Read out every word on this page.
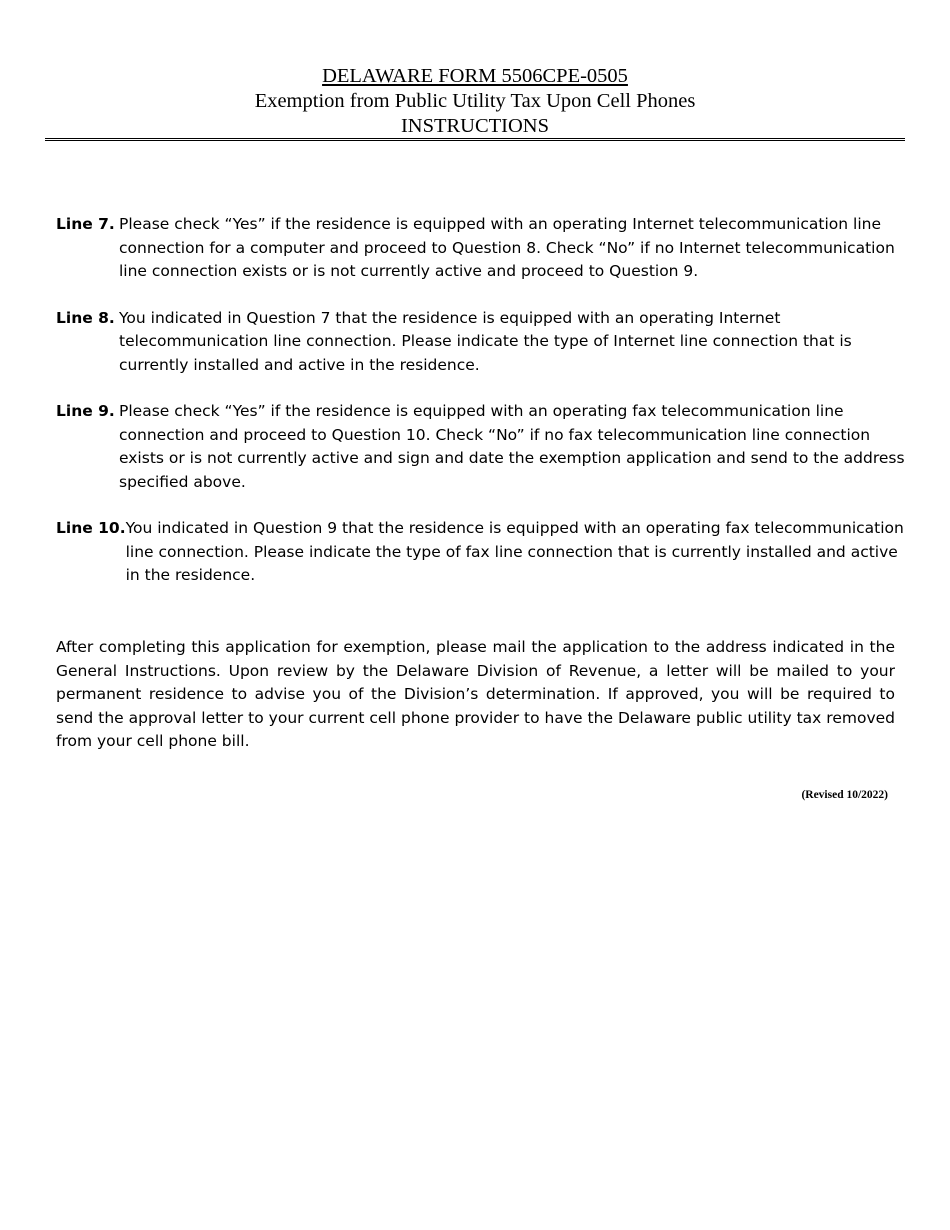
DELAWARE FORM 5506CPE-0505
Exemption from Public Utility Tax Upon Cell Phones
INSTRUCTIONS
Line 7. Please check “Yes” if the residence is equipped with an operating Internet telecommunication line connection for a computer and proceed to Question 8. Check “No” if no Internet telecommunication line connection exists or is not currently active and proceed to Question 9.
Line 8. You indicated in Question 7 that the residence is equipped with an operating Internet telecommunication line connection. Please indicate the type of Internet line connection that is currently installed and active in the residence.
Line 9. Please check “Yes” if the residence is equipped with an operating fax telecommunication line connection and proceed to Question 10. Check “No” if no fax telecommunication line connection exists or is not currently active and sign and date the exemption application and send to the address specified above.
Line 10. You indicated in Question 9 that the residence is equipped with an operating fax telecommunication line connection. Please indicate the type of fax line connection that is currently installed and active in the residence.
After completing this application for exemption, please mail the application to the address indicated in the General Instructions. Upon review by the Delaware Division of Revenue, a letter will be mailed to your permanent residence to advise you of the Division’s determination. If approved, you will be required to send the approval letter to your current cell phone provider to have the Delaware public utility tax removed from your cell phone bill.
(Revised 10/2022)
